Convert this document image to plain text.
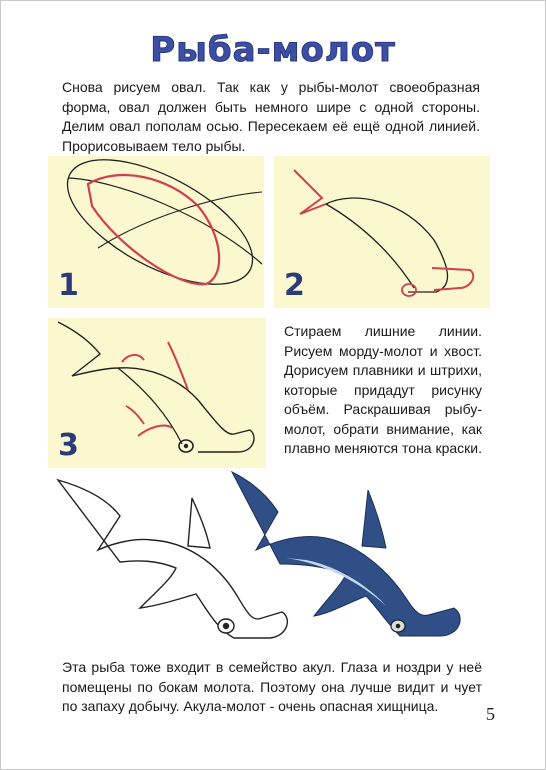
Рыба-молот

Снова рисуем овал. Так как у рыбы-молот своеобразная форма, овал должен быть немного шире с одной стороны. Делим овал пополам осью. Пересекаем её ещё одной линией. Прорисовываем тело рыбы.

1	2
3

Стираем лишние линии. Рисуем морду-молот и хвост. Дорисуем плавники и штрихи, которые придадут рисунку объём. Раскрашивая рыбу-молот, обрати внимание, как плавно меняются тона краски.

Эта рыба тоже входит в семейство акул. Глаза и ноздри у неё помещены по бокам молота. Поэтому она лучше видит и чует по запаху добычу. Акула-молот - очень опасная хищница.	5
